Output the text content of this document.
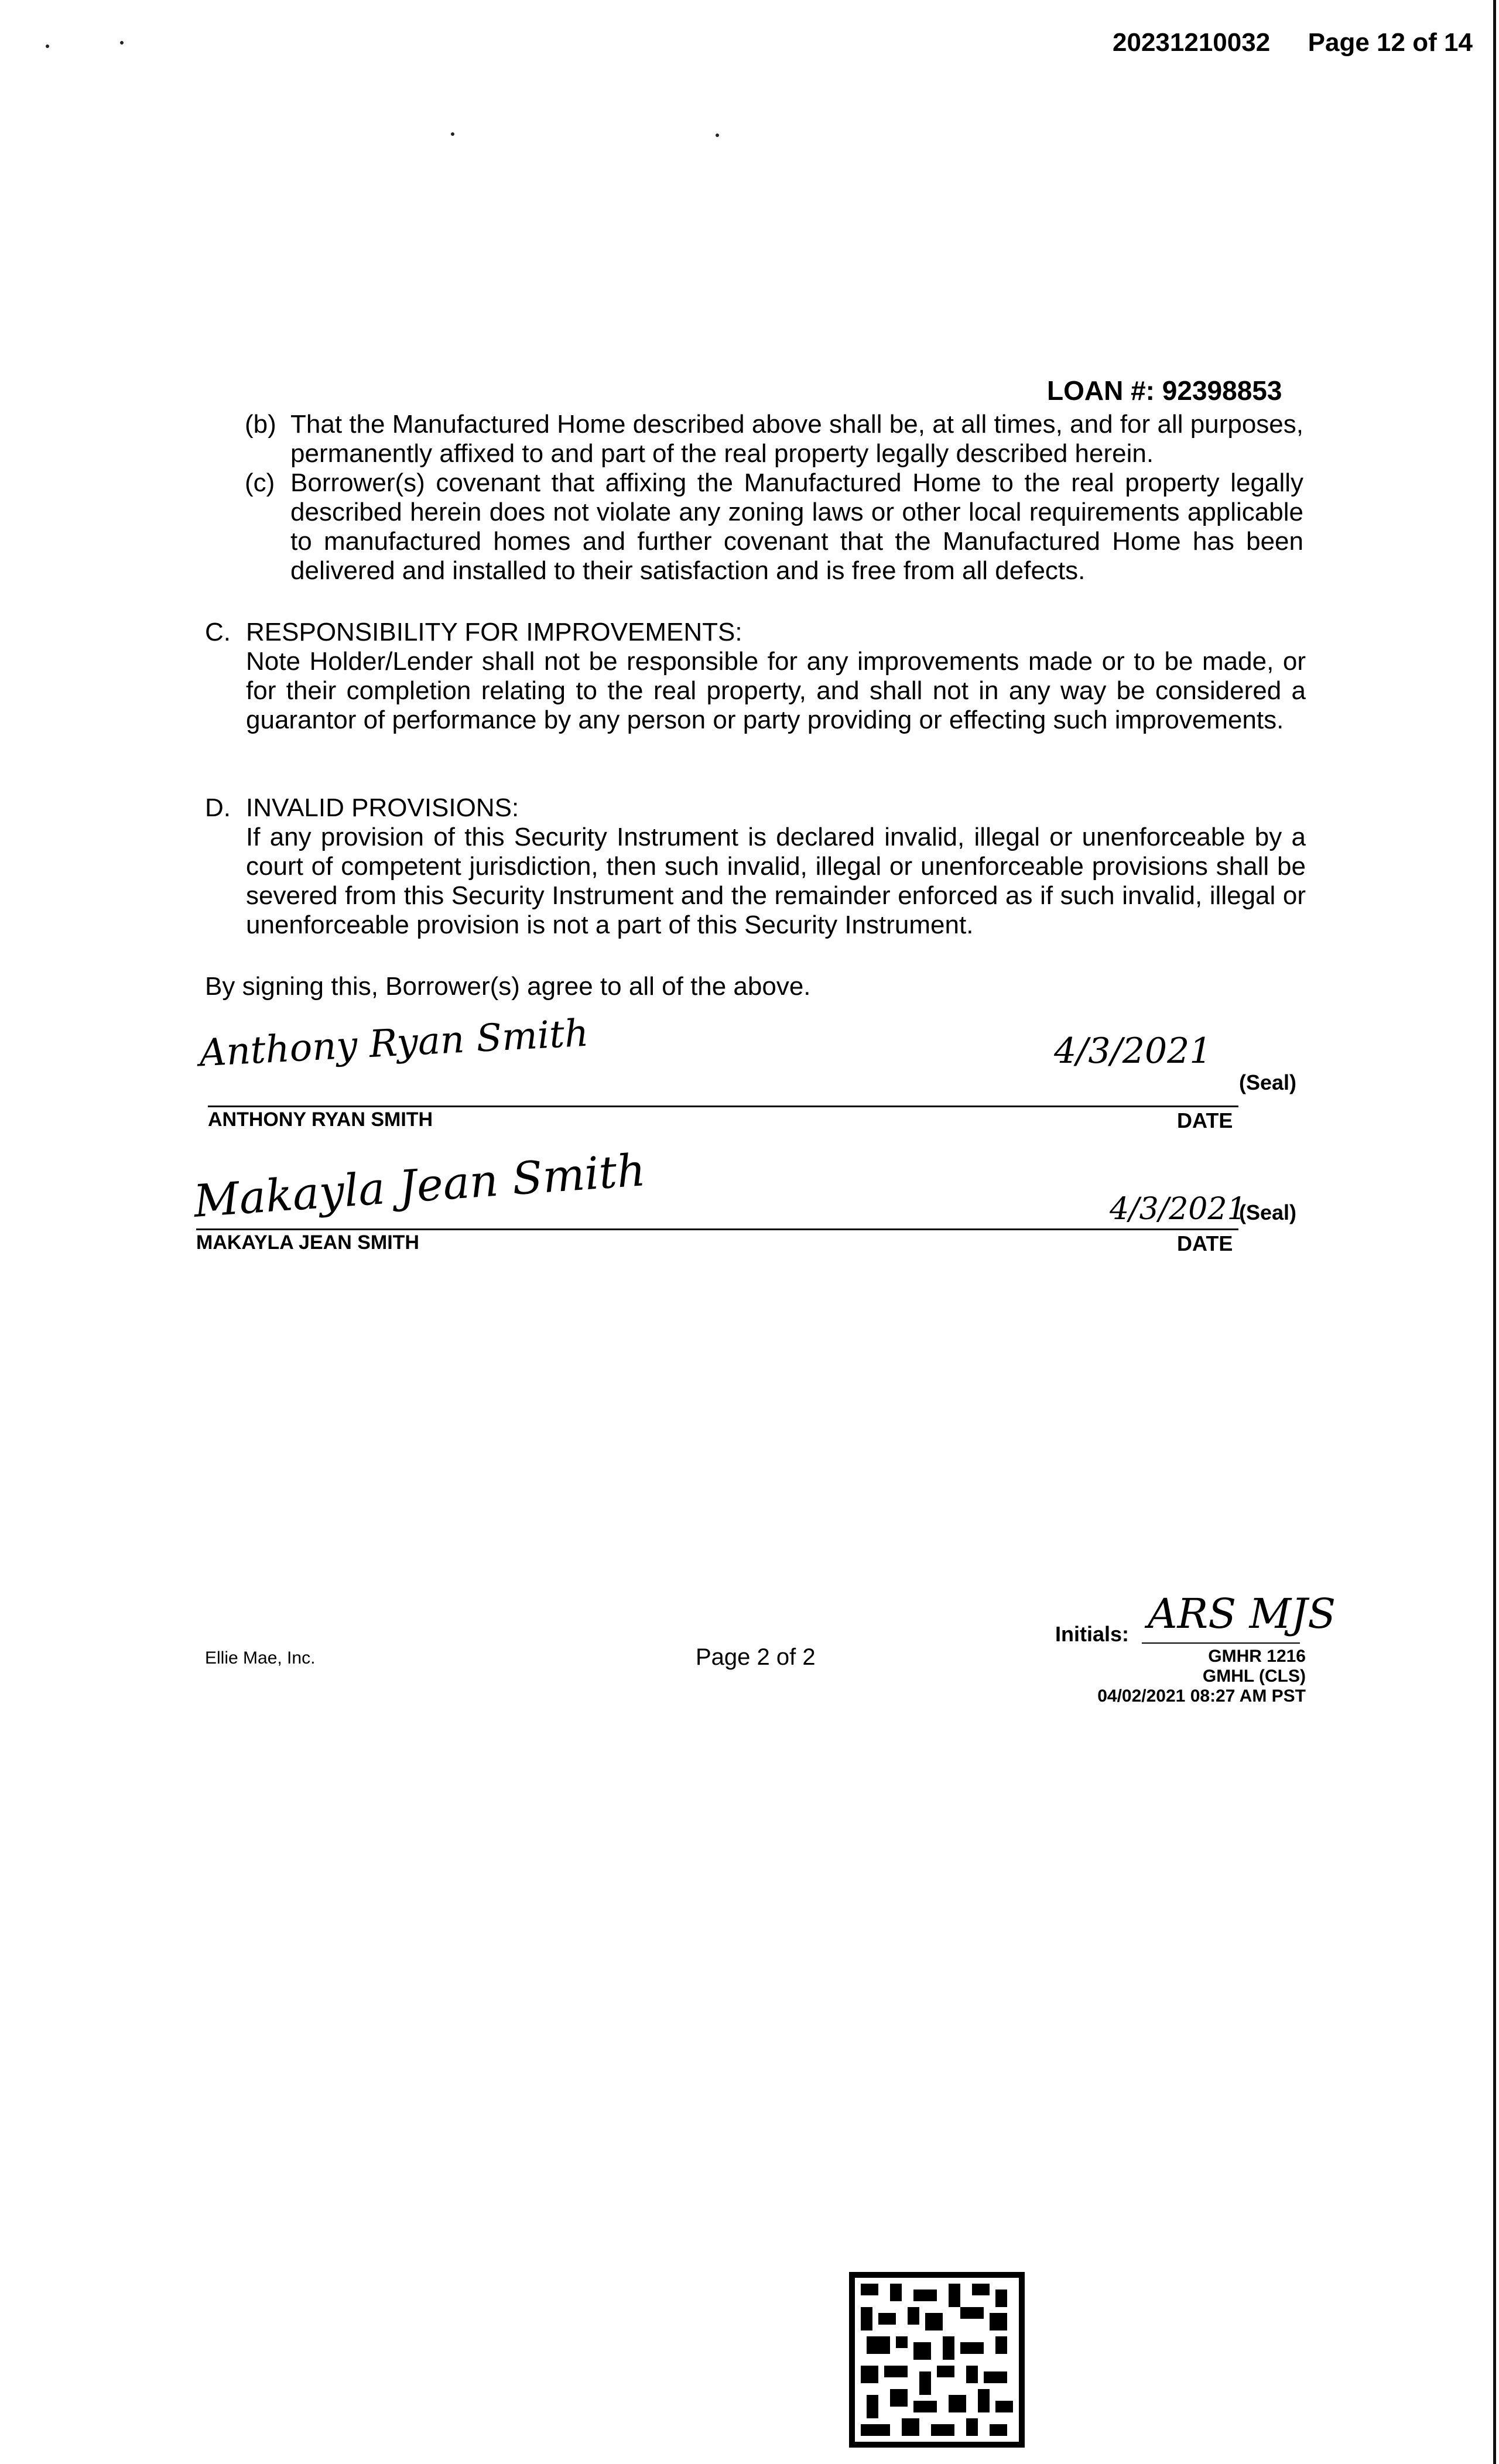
20231210032 Page 12 of 14
LOAN #: 92398853
(b) That the Manufactured Home described above shall be, at all times, and for all purposes, permanently affixed to and part of the real property legally described herein.
(c) Borrower(s) covenant that affixing the Manufactured Home to the real property legally described herein does not violate any zoning laws or other local requirements applicable to manufactured homes and further covenant that the Manufactured Home has been delivered and installed to their satisfaction and is free from all defects.
C. RESPONSIBILITY FOR IMPROVEMENTS:
Note Holder/Lender shall not be responsible for any improvements made or to be made, or for their completion relating to the real property, and shall not in any way be considered a guarantor of performance by any person or party providing or effecting such improvements.
D. INVALID PROVISIONS:
If any provision of this Security Instrument is declared invalid, illegal or unenforceable by a court of competent jurisdiction, then such invalid, illegal or unenforceable provisions shall be severed from this Security Instrument and the remainder enforced as if such invalid, illegal or unenforceable provision is not a part of this Security Instrument.
By signing this, Borrower(s) agree to all of the above.
Anthony Ryan Smith	4/3/2021
(Seal)
ANTHONY RYAN SMITH	DATE
Makayla Jean Smith	4/3/2021
(Seal)
MAKAYLA JEAN SMITH	DATE
Ellie Mae, Inc.	Page 2 of 2
Initials: ARS MJS
GMHR 1216
GMHL (CLS)
04/02/2021 08:27 AM PST
